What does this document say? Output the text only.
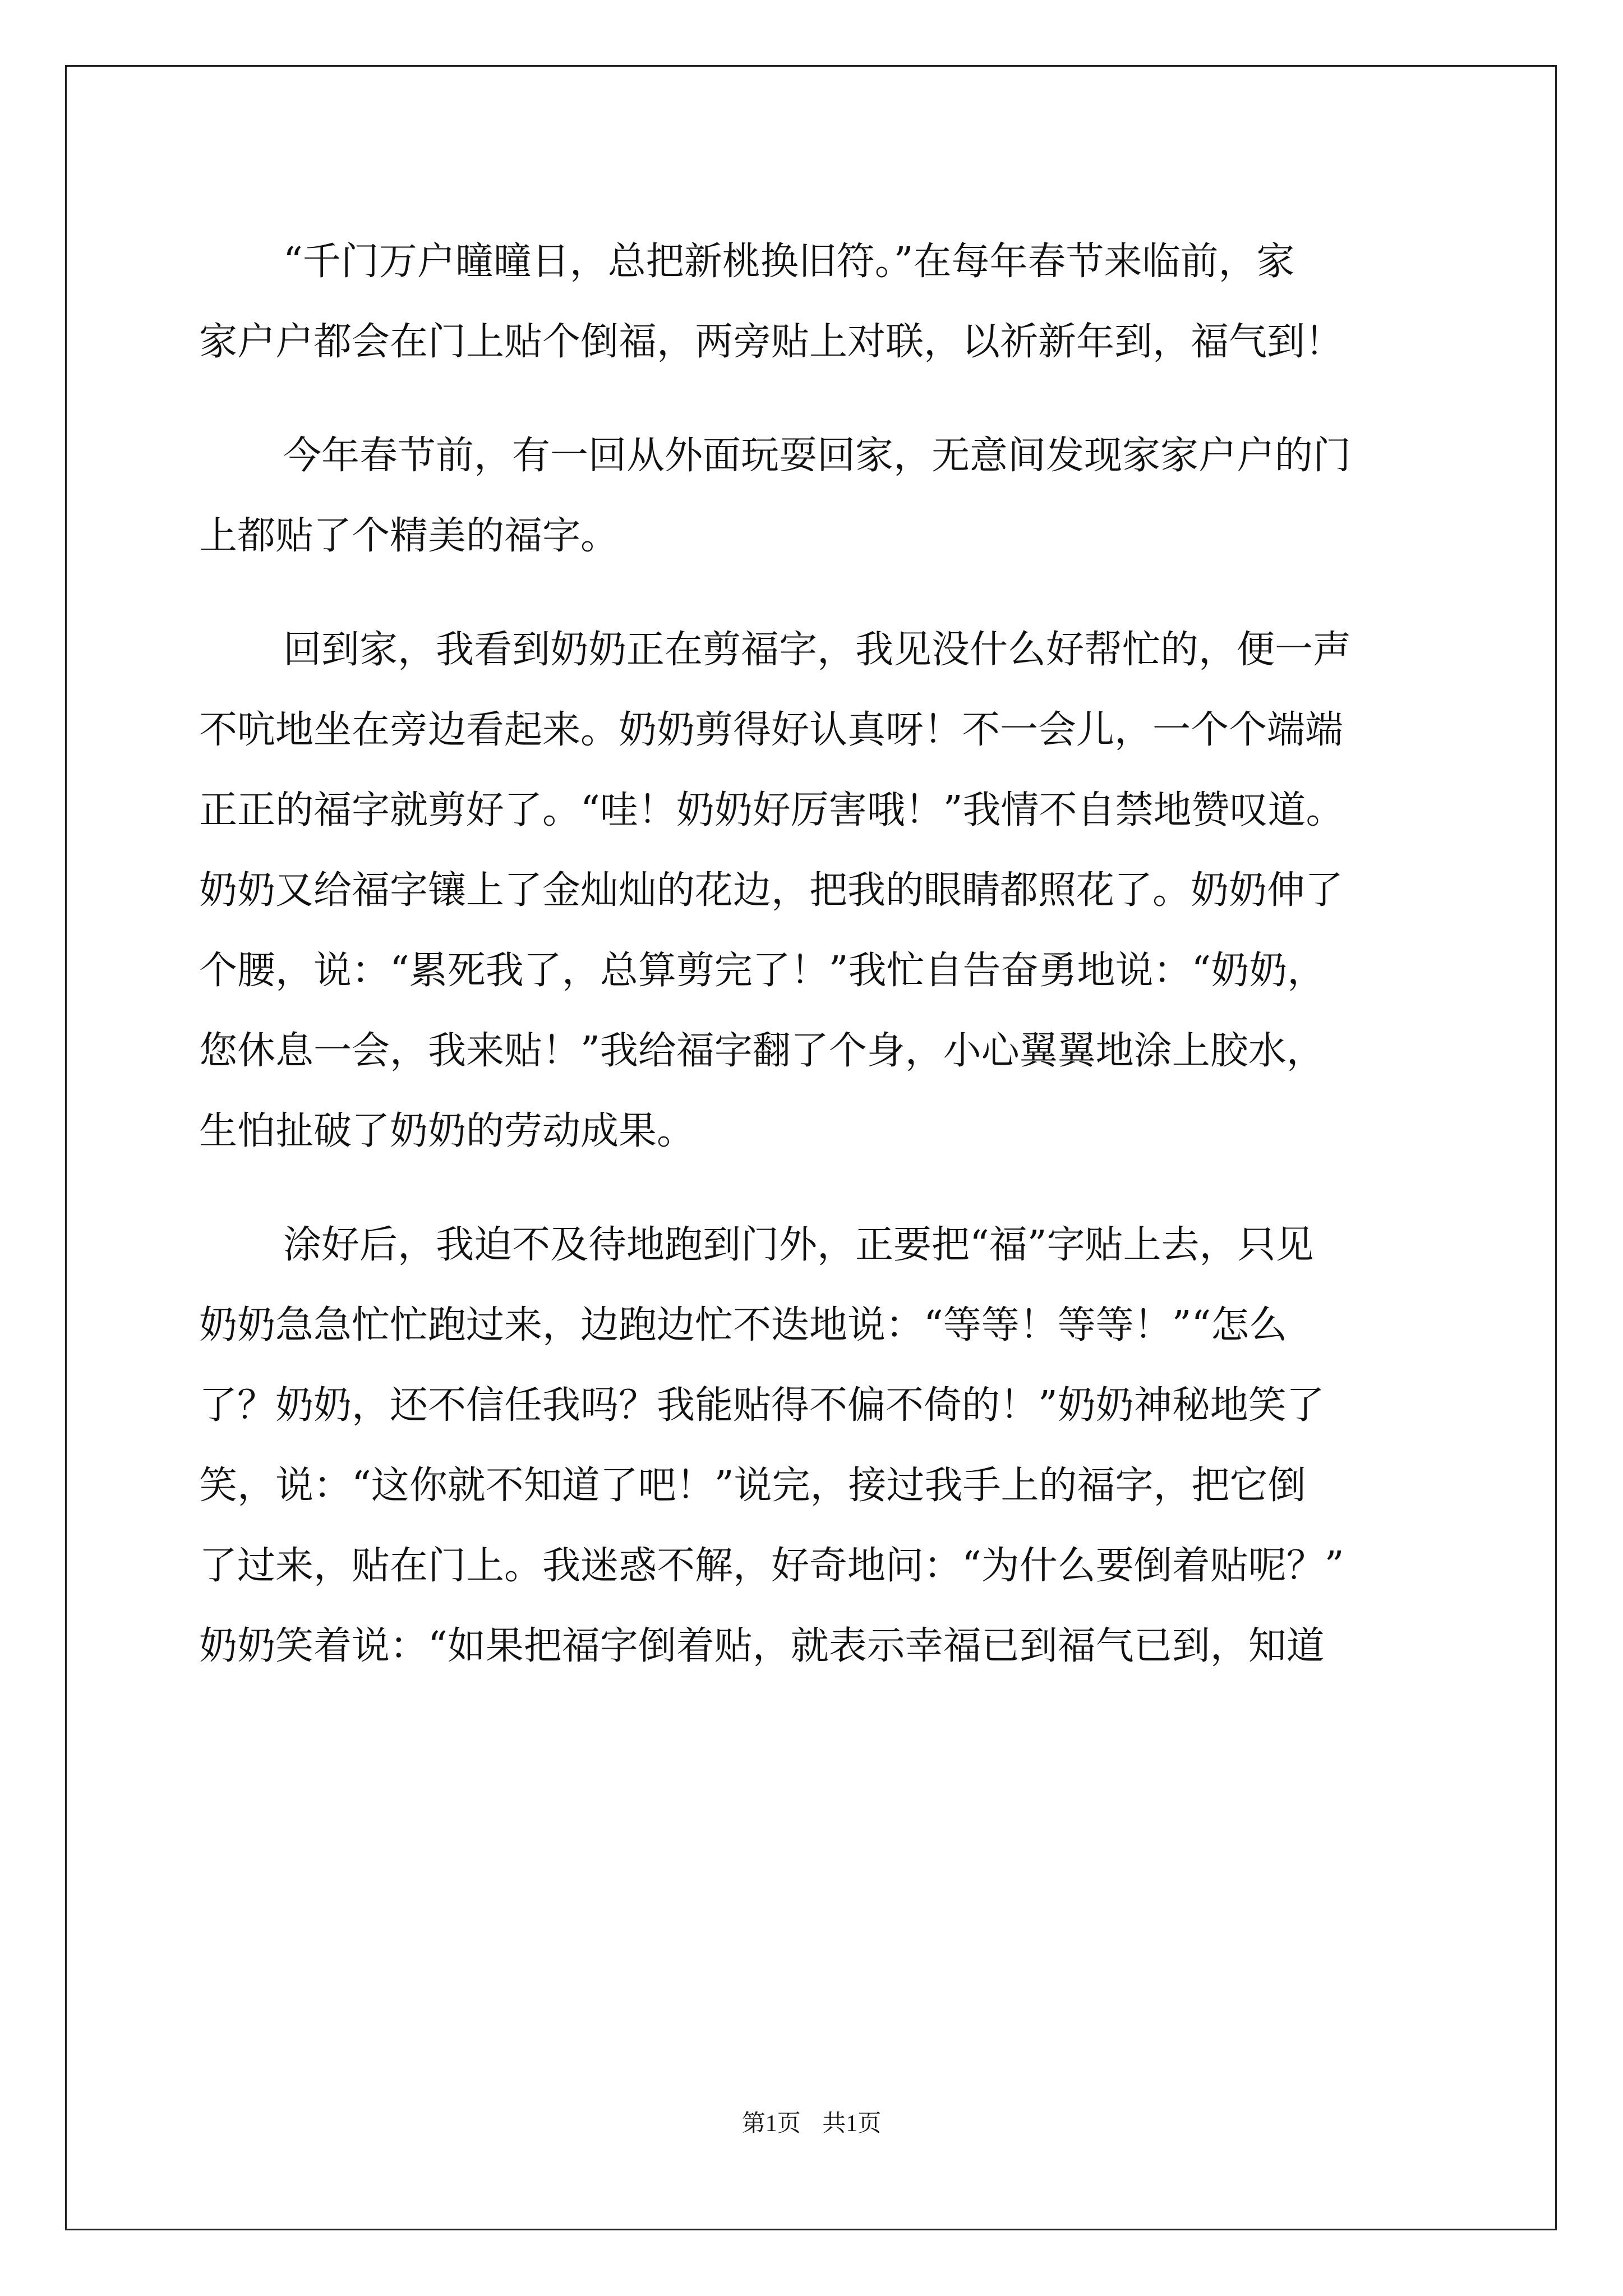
“千门万户曈曈日，总把新桃换旧符。”在每年春节来临前，家
家户户都会在门上贴个倒福，两旁贴上对联，以祈新年到，福气到！

今年春节前，有一回从外面玩耍回家，无意间发现家家户户的门
上都贴了个精美的福字。

回到家，我看到奶奶正在剪福字，我见没什么好帮忙的，便一声
不吭地坐在旁边看起来。奶奶剪得好认真呀！不一会儿，一个个端端
正正的福字就剪好了。“哇！奶奶好厉害哦！”我情不自禁地赞叹道。
奶奶又给福字镶上了金灿灿的花边，把我的眼睛都照花了。奶奶伸了
个腰，说：“累死我了，总算剪完了！”我忙自告奋勇地说：“奶奶，
您休息一会，我来贴！”我给福字翻了个身，小心翼翼地涂上胶水，
生怕扯破了奶奶的劳动成果。

涂好后，我迫不及待地跑到门外，正要把“福”字贴上去，只见
奶奶急急忙忙跑过来，边跑边忙不迭地说：“等等！等等！”“怎么
了？奶奶，还不信任我吗？我能贴得不偏不倚的！”奶奶神秘地笑了
笑，说：“这你就不知道了吧！”说完，接过我手上的福字，把它倒
了过来，贴在门上。我迷惑不解，好奇地问：“为什么要倒着贴呢？”
奶奶笑着说：“如果把福字倒着贴，就表示幸福已到福气已到，知道

第1页 共1页
